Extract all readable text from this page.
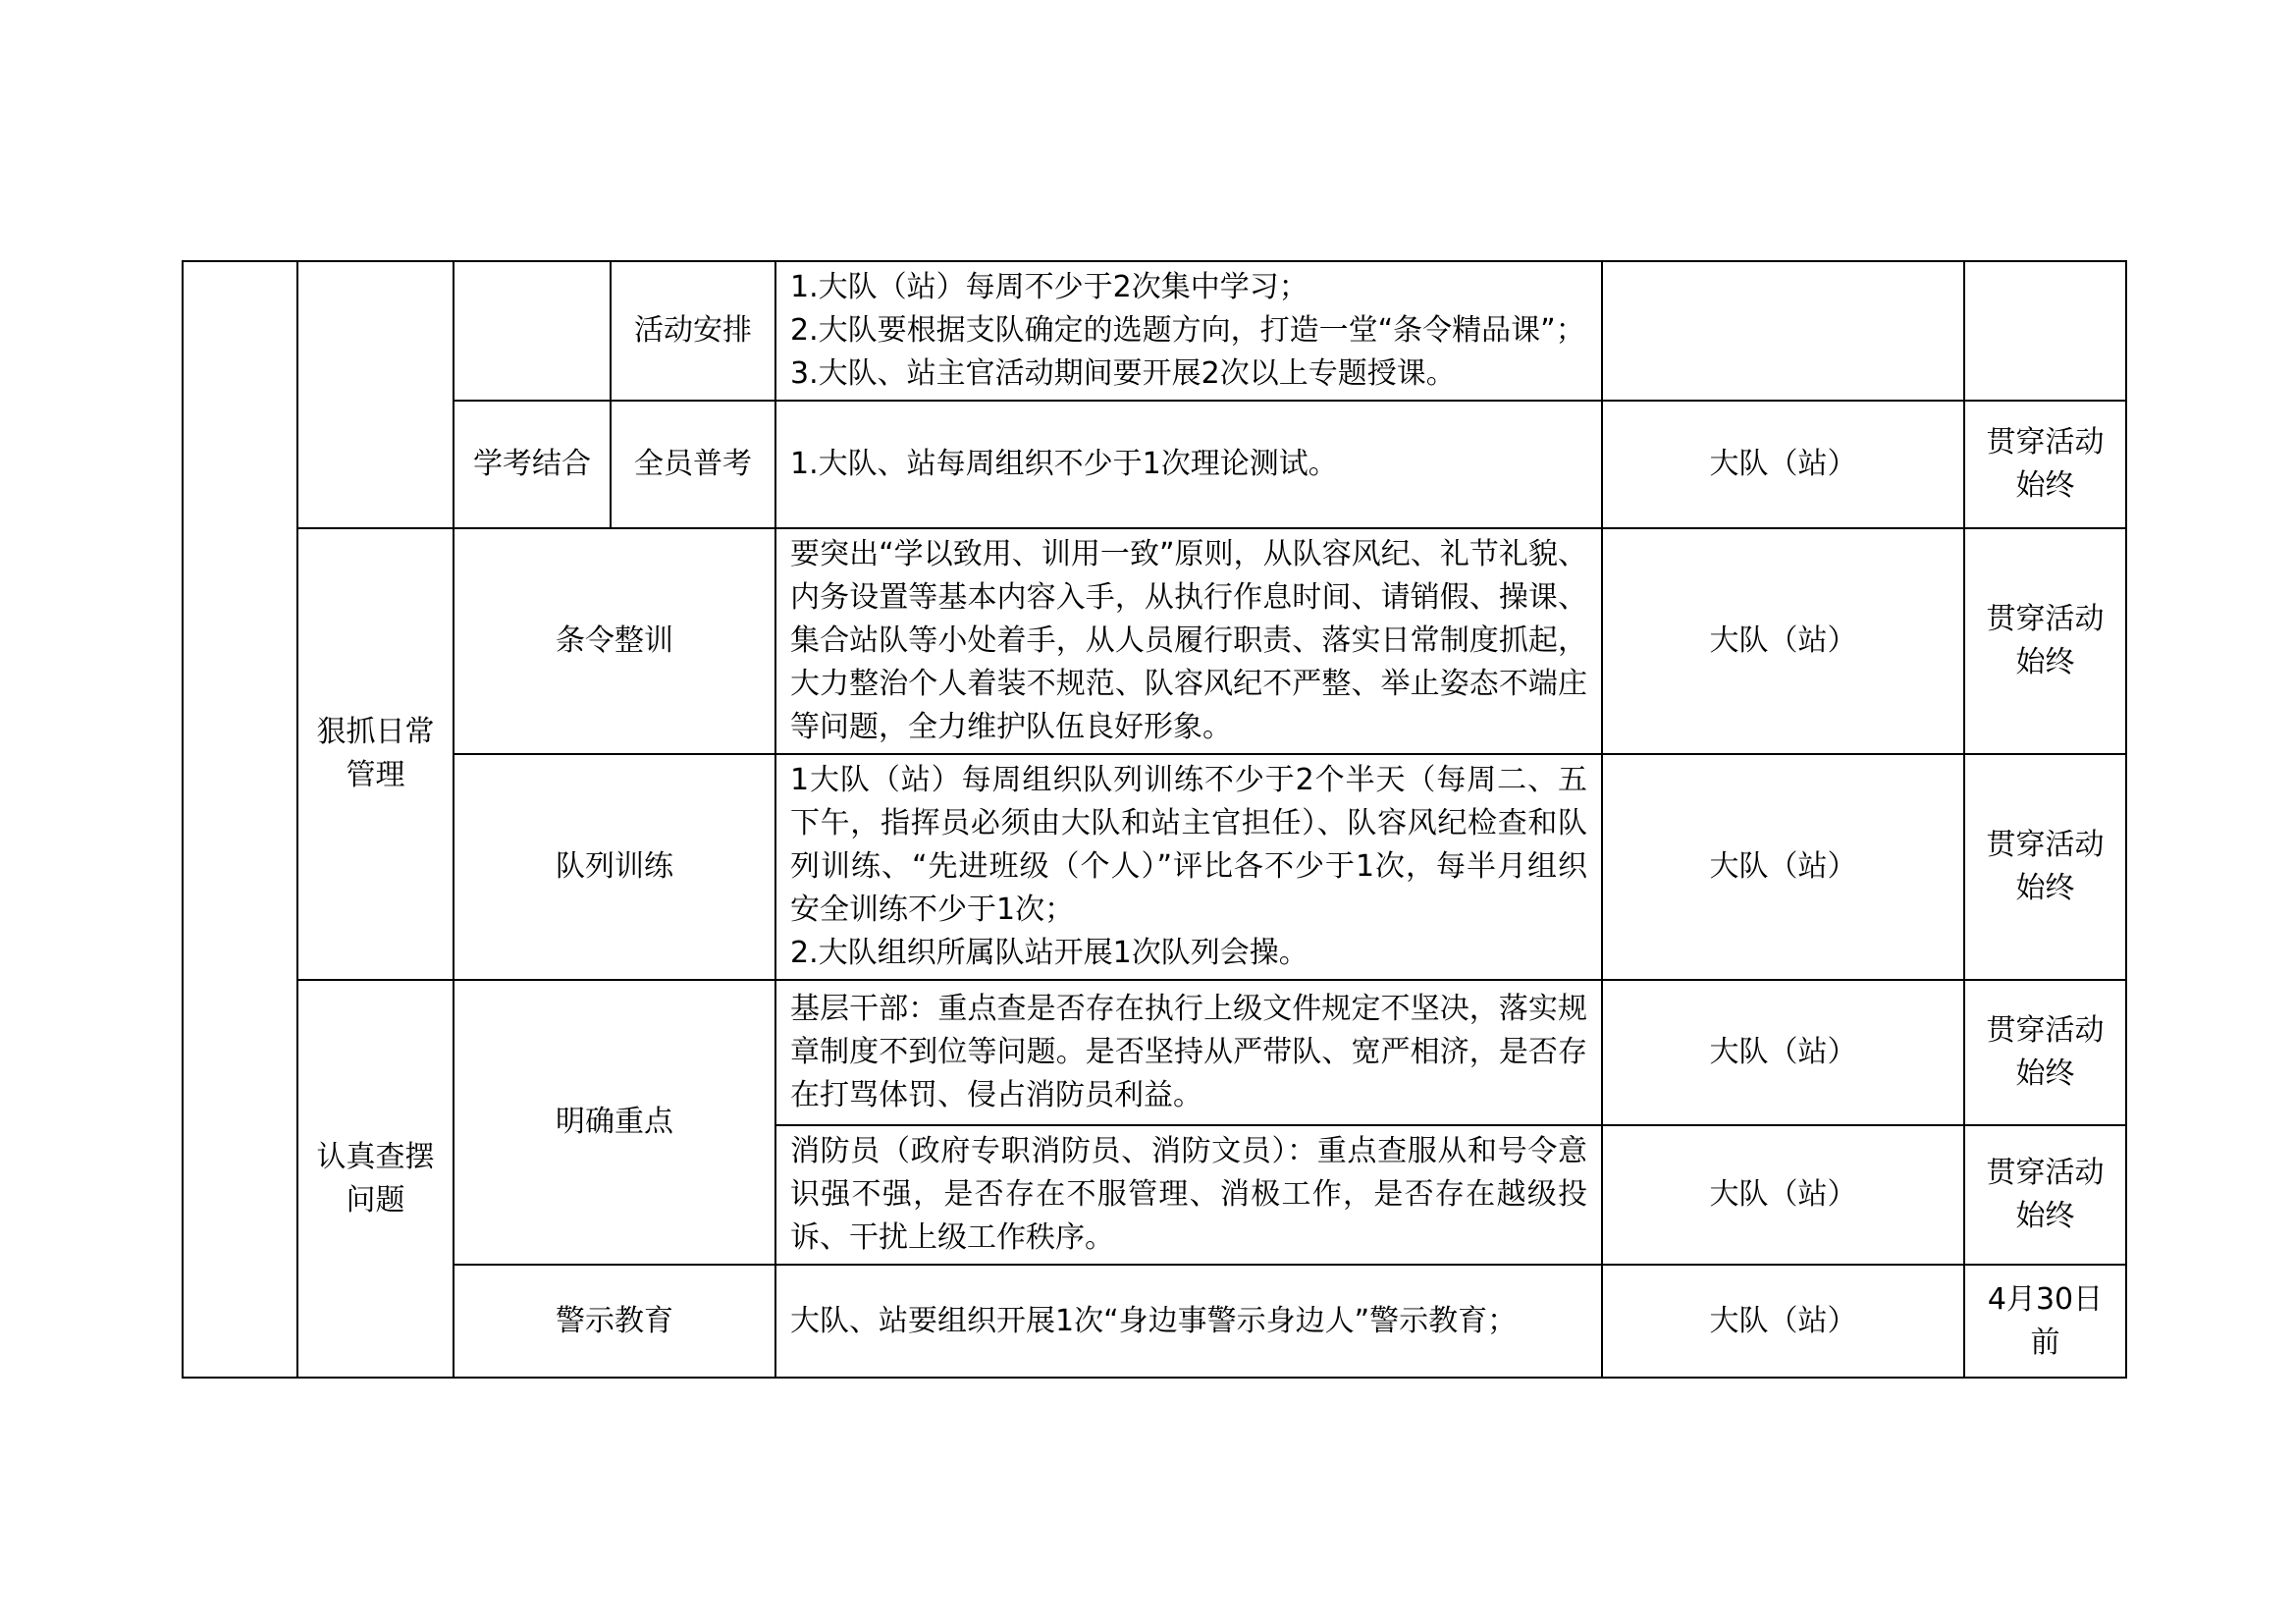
			活动安排	1.大队（站）每周不少于2次集中学习；
2.大队要根据支队确定的选题方向，打造一堂“条令精品课”；
3.大队、站主官活动期间要开展2次以上专题授课。		

		学考结合	全员普考	1.大队、站每周组织不少于1次理论测试。	大队（站）	贯穿活动始终
	狠抓日常管理	条令整训		要突出“学以致用、训用一致”原则，从队容风纪、礼节礼貌、内务设置等基本内容入手，从执行作息时间、请销假、操课、集合站队等小处着手，从人员履行职责、落实日常制度抓起，大力整治个人着装不规范、队容风纪不严整、举止姿态不端庄等问题，全力维护队伍良好形象。	大队（站）	贯穿活动始终
		队列训练		1大队（站）每周组织队列训练不少于2个半天（每周二、五下午，指挥员必须由大队和站主官担任）、队容风纪检查和队列训练、“先进班级（个人）”评比各不少于1次，每半月组织安全训练不少于1次；
2.大队组织所属队站开展1次队列会操。	大队（站）	贯穿活动始终
	认真查摆问题	明确重点		基层干部：重点查是否存在执行上级文件规定不坚决，落实规章制度不到位等问题。是否坚持从严带队、宽严相济，是否存在打骂体罚、侵占消防员利益。	大队（站）	贯穿活动始终
				消防员（政府专职消防员、消防文员）：重点查服从和号令意识强不强，是否存在不服管理、消极工作，是否存在越级投诉、干扰上级工作秩序。	大队（站）	贯穿活动始终
		警示教育		大队、站要组织开展1次“身边事警示身边人”警示教育；	大队（站）	4月30日前
